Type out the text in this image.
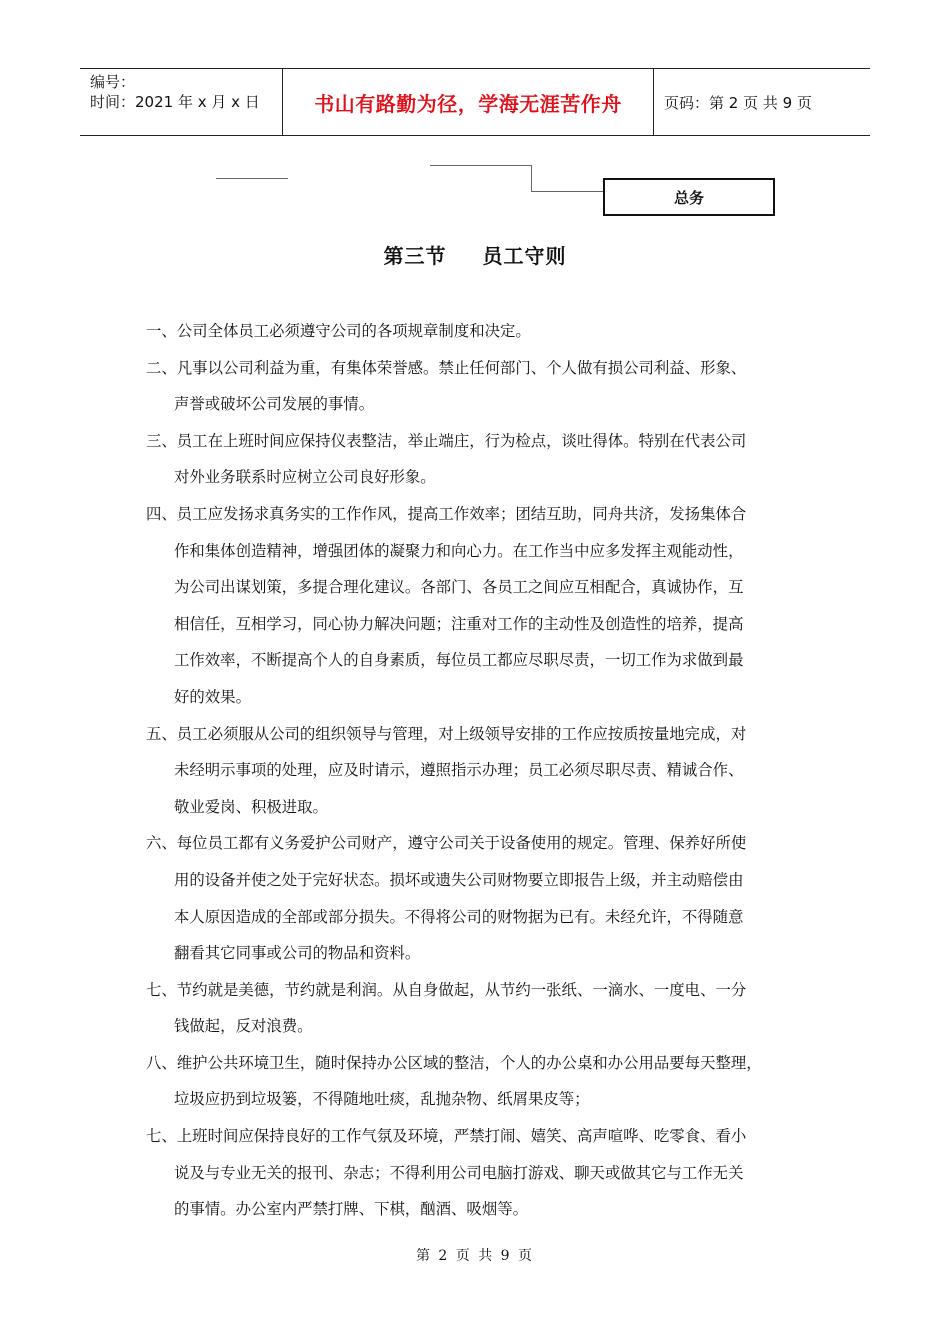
编号：
时间：2021 年 x 月 x 日	书山有路勤为径，学海无涯苦作舟	页码：第 2 页 共 9 页
总务
第三节 员工守则
一、公司全体员工必须遵守公司的各项规章制度和决定。
二、凡事以公司利益为重，有集体荣誉感。禁止任何部门、个人做有损公司利益、形象、
声誉或破坏公司发展的事情。
三、员工在上班时间应保持仪表整洁，举止端庄，行为检点，谈吐得体。特别在代表公司
对外业务联系时应树立公司良好形象。
四、员工应发扬求真务实的工作作风，提高工作效率；团结互助，同舟共济，发扬集体合
作和集体创造精神，增强团体的凝聚力和向心力。在工作当中应多发挥主观能动性，
为公司出谋划策，多提合理化建议。各部门、各员工之间应互相配合，真诚协作，互
相信任，互相学习，同心协力解决问题；注重对工作的主动性及创造性的培养，提高
工作效率，不断提高个人的自身素质，每位员工都应尽职尽责，一切工作为求做到最
好的效果。
五、员工必须服从公司的组织领导与管理，对上级领导安排的工作应按质按量地完成，对
未经明示事项的处理，应及时请示，遵照指示办理；员工必须尽职尽责、精诚合作、
敬业爱岗、积极进取。
六、每位员工都有义务爱护公司财产，遵守公司关于设备使用的规定。管理、保养好所使
用的设备并使之处于完好状态。损坏或遗失公司财物要立即报告上级，并主动赔偿由
本人原因造成的全部或部分损失。不得将公司的财物据为已有。未经允许，不得随意
翻看其它同事或公司的物品和资料。
七、节约就是美德，节约就是利润。从自身做起，从节约一张纸、一滴水、一度电、一分
钱做起，反对浪费。
八、维护公共环境卫生，随时保持办公区域的整洁，个人的办公桌和办公用品要每天整理，
垃圾应扔到垃圾篓，不得随地吐痰，乱抛杂物、纸屑果皮等；
七、上班时间应保持良好的工作气氛及环境，严禁打闹、嬉笑、高声喧哗、吃零食、看小
说及与专业无关的报刊、杂志；不得利用公司电脑打游戏、聊天或做其它与工作无关
的事情。办公室内严禁打牌、下棋，酗酒、吸烟等。
第 2 页 共 9 页
